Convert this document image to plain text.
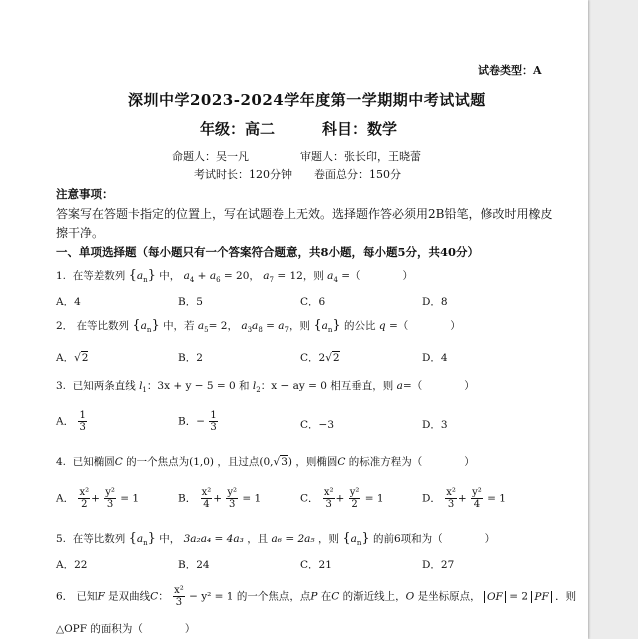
试卷类型：A
深圳中学2023-2024学年度第一学期期中考试试题
年级：高二	科目：数学
命题人：吴一凡	审题人：张长印，王晓蕾
考试时长：120分钟 卷面总分：150分
注意事项：
答案写在答题卡指定的位置上，写在试题卷上无效。选择题作答必须用2B铅笔，修改时用橡皮
擦干净。
一、单项选择题（每小题只有一个答案符合题意，共8小题，每小题5分，共40分）
1. 在等差数列 $\{a_n\}$ 中， $a_4 + a_6 = 20$， $a_7 = 12$，则 $a_4$ =（　　　　）
A．4	B．5	C．6	D．8
2． 在等比数列 $\{a_n\}$ 中，若 $a_5= 2$， $a_3a_8 = a_7$，则 $\{a_n\}$ 的公比 q =（　　　　）
A．√2	B．2	C．2√2	D．4
3. 已知两条直线 $l_1$：3x + y − 5 = 0 和 $l_2$：x − ay = 0 相互垂直，则 a=（　　　　）
A． $\frac{1}{3}$	B．− $\frac{1}{3}$	C．−3	D．3
4. 已知椭圆C 的一个焦点为(1,0) ，且过点(0,√3) ，则椭圆C 的标准方程为（　　　　）
A． $\frac{\text{x²}}{2} + \frac{\text{y²}}{3} = 1$	B． $\frac{\text{x²}}{4} + \frac{\text{y²}}{3} = 1$	C． $\frac{\text{x²}}{3} + \frac{\text{y²}}{2} = 1$	D． $\frac{\text{x²}}{3} + \frac{\text{y²}}{4} = 1$
5. 在等比数列 $\{a_n\}$ 中， 3a₂a₄ = 4a₃ ，且 a₆ = 2a₅ ，则 $\{a_n\}$ 的前6项和为（　　　　）
A．22	B．24	C．21	D．27
6． 已知F 是双曲线C： $\frac{\text{x²}}{3} - y^2 = 1$ 的一个焦点，点P 在C 的渐近线上，O 是坐标原点， OF = 2 PF ．则
△OPF 的面积为（　　　　）
